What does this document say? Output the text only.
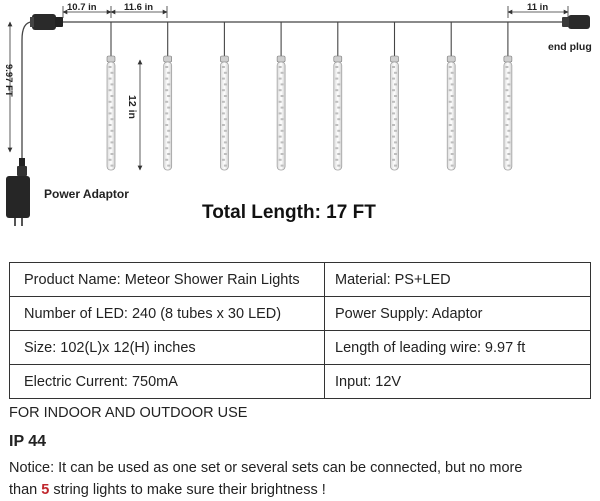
end plug
10.7 in	11.6 in	11 in
9.97 FT
12 in
Power Adaptor
Total Length: 17 FT
Product Name: Meteor Shower Rain Lights	Material: PS+LED
Number of LED: 240 (8 tubes x 30 LED)	Power Supply: Adaptor
Size: 102(L)x 12(H) inches	Length of leading wire: 9.97 ft
Electric Current: 750mA	Input: 12V
FOR INDOOR AND OUTDOOR USE
IP 44
Notice: It can be used as one set or several sets can be connected, but no more
than 5 string lights to make sure their brightness !
